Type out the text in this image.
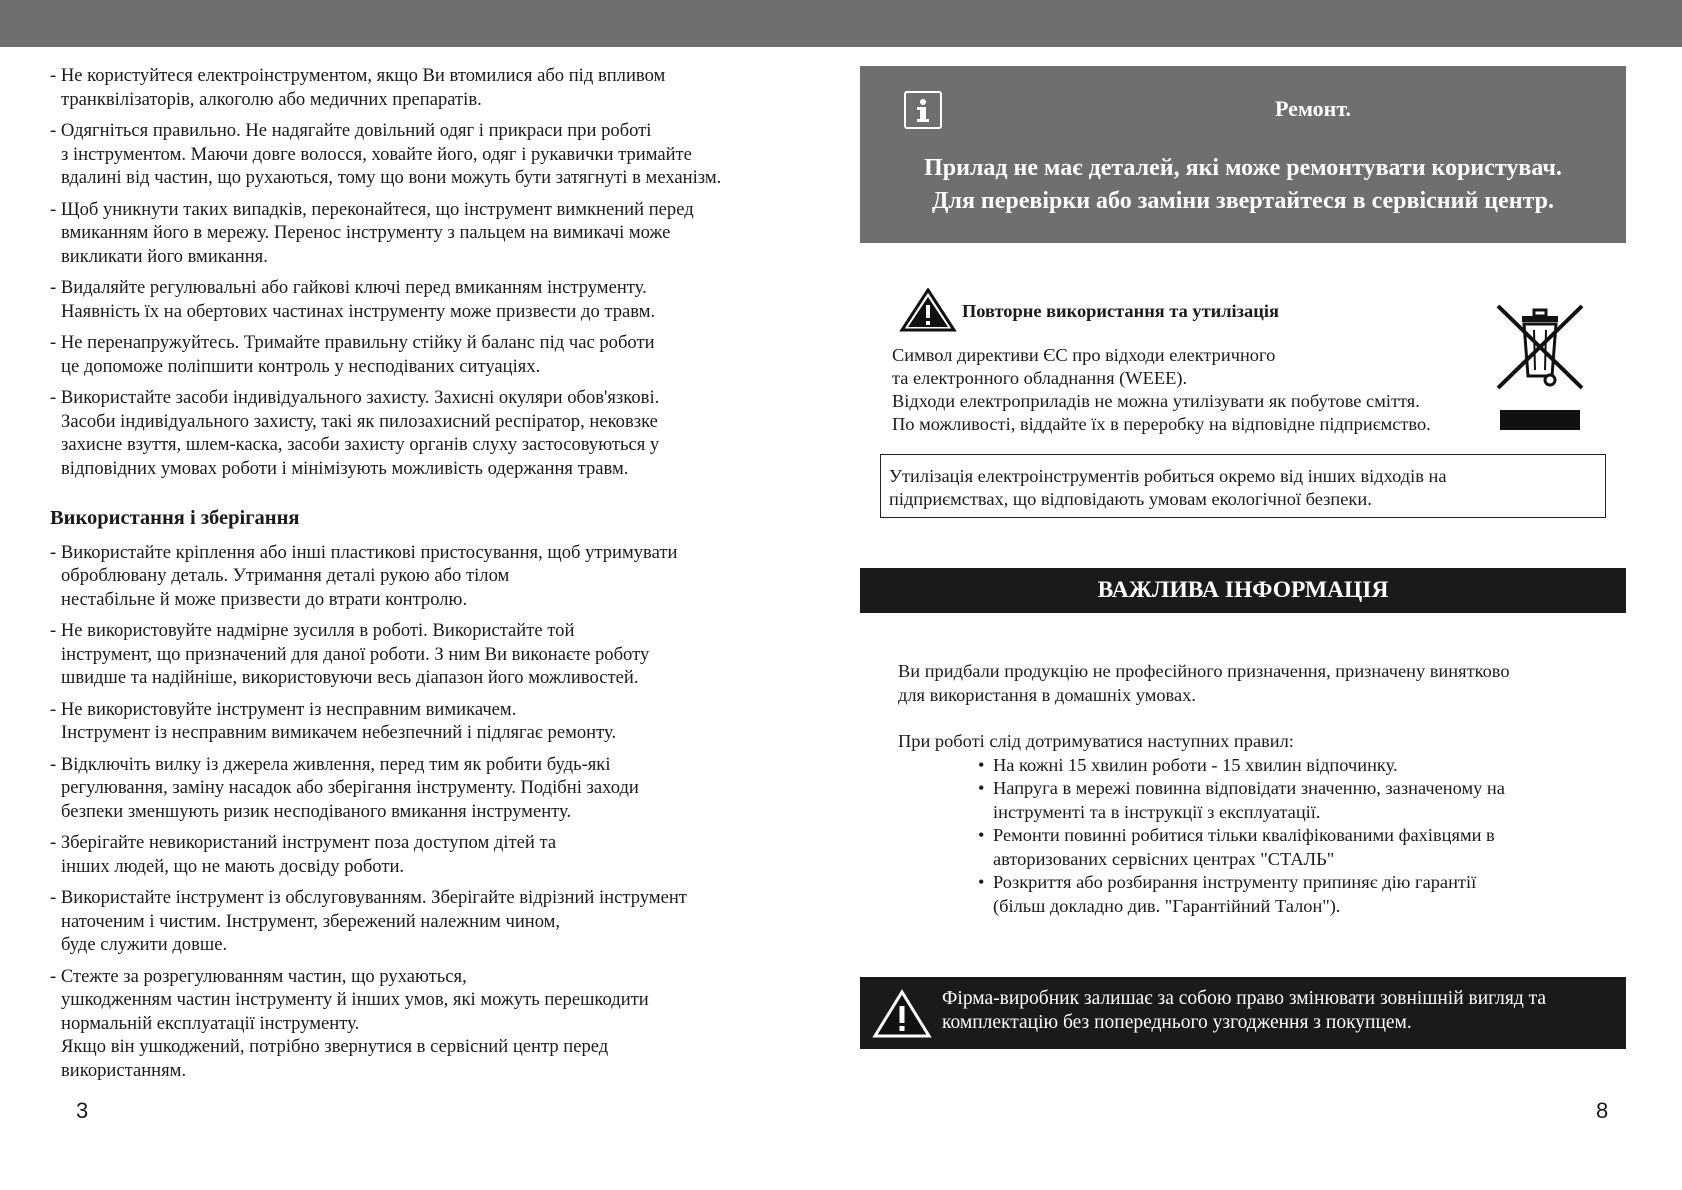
- Не користуйтеся електроінструментом, якщо Ви втомилися або під впливом
транквілізаторів, алкоголю або медичних препаратів.

- Одягніться правильно. Не надягайте довільний одяг і прикраси при роботі
з інструментом. Маючи довге волосся, ховайте його, одяг і рукавички тримайте
вдалині від частин, що рухаються, тому що вони можуть бути затягнуті в механізм.

- Щоб уникнути таких випадків, переконайтеся, що інструмент вимкнений перед
вмиканням його в мережу. Перенос інструменту з пальцем на вимикачі може
викликати його вмикання.

- Видаляйте регулювальні або гайкові ключі перед вмиканням інструменту.
Наявність їх на обертових частинах інструменту може призвести до травм.

- Не перенапружуйтесь. Тримайте правильну стійку й баланс під час роботи
це допоможе поліпшити контроль у несподіваних ситуаціях.

- Використайте засоби індивідуального захисту. Захисні окуляри обов'язкові.
Засоби індивідуального захисту, такі як пилозахисний респіратор, нековзке
захисне взуття, шлем-каска, засоби захисту органів слуху застосовуються у
відповідних умовах роботи і мінімізують можливість одержання травм.

Використання і зберігання

- Використайте кріплення або інші пластикові пристосування, щоб утримувати
оброблювану деталь. Утримання деталі рукою або тілом
нестабільне й може призвести до втрати контролю.

- Не використовуйте надмірне зусилля в роботі. Використайте той
інструмент, що призначений для даної роботи. З ним Ви виконаєте роботу
швидше та надійніше, використовуючи весь діапазон його можливостей.

- Не використовуйте інструмент із несправним вимикачем.
Інструмент із несправним вимикачем небезпечний і підлягає ремонту.

- Відключіть вилку із джерела живлення, перед тим як робити будь-які
регулювання, заміну насадок або зберігання інструменту. Подібні заходи
безпеки зменшують ризик несподіваного вмикання інструменту.

- Зберігайте невикористаний інструмент поза доступом дітей та
інших людей, що не мають досвіду роботи.

- Використайте інструмент із обслуговуванням. Зберігайте відрізний інструмент
наточеним і чистим. Інструмент, збережений належним чином,
буде служити довше.

- Стежте за розрегулюванням частин, що рухаються,
ушкодженням частин інструменту й інших умов, які можуть перешкодити
нормальній експлуатації інструменту.
Якщо він ушкоджений, потрібно звернутися в сервісний центр перед
використанням.

3
Ремонт.
Прилад не має деталей, які може ремонтувати користувач.
Для перевірки або заміни звертайтеся в сервісний центр.
Повторне використання та утилізація
Символ директиви ЄС про відходи електричного
та електронного обладнання (WEEE).
Відходи електроприладів не можна утилізувати як побутове сміття.
По можливості, віддайте їх в переробку на відповідне підприємство.
Утилізація електроінструментів робиться окремо від інших відходів на
підприємствах, що відповідають умовам екологічної безпеки.
ВАЖЛИВА ІНФОРМАЦІЯ
Ви придбали продукцію не професійного призначення, призначену винятково
для використання в домашніх умовах.
При роботі слід дотримуватися наступних правил:
• На кожні 15 хвилин роботи - 15 хвилин відпочинку.
• Напруга в мережі повинна відповідати значенню, зазначеному на
інструменті та в інструкції з експлуатації.
• Ремонти повинні робитися тільки кваліфікованими фахівцями в
авторизованих сервісних центрах "СТАЛЬ"
• Розкриття або розбирання інструменту припиняє дію гарантії
(більш докладно див. "Гарантійний Талон").
Фірма-виробник залишає за собою право змінювати зовнішній вигляд та
комплектацію без попереднього узгодження з покупцем.
8
